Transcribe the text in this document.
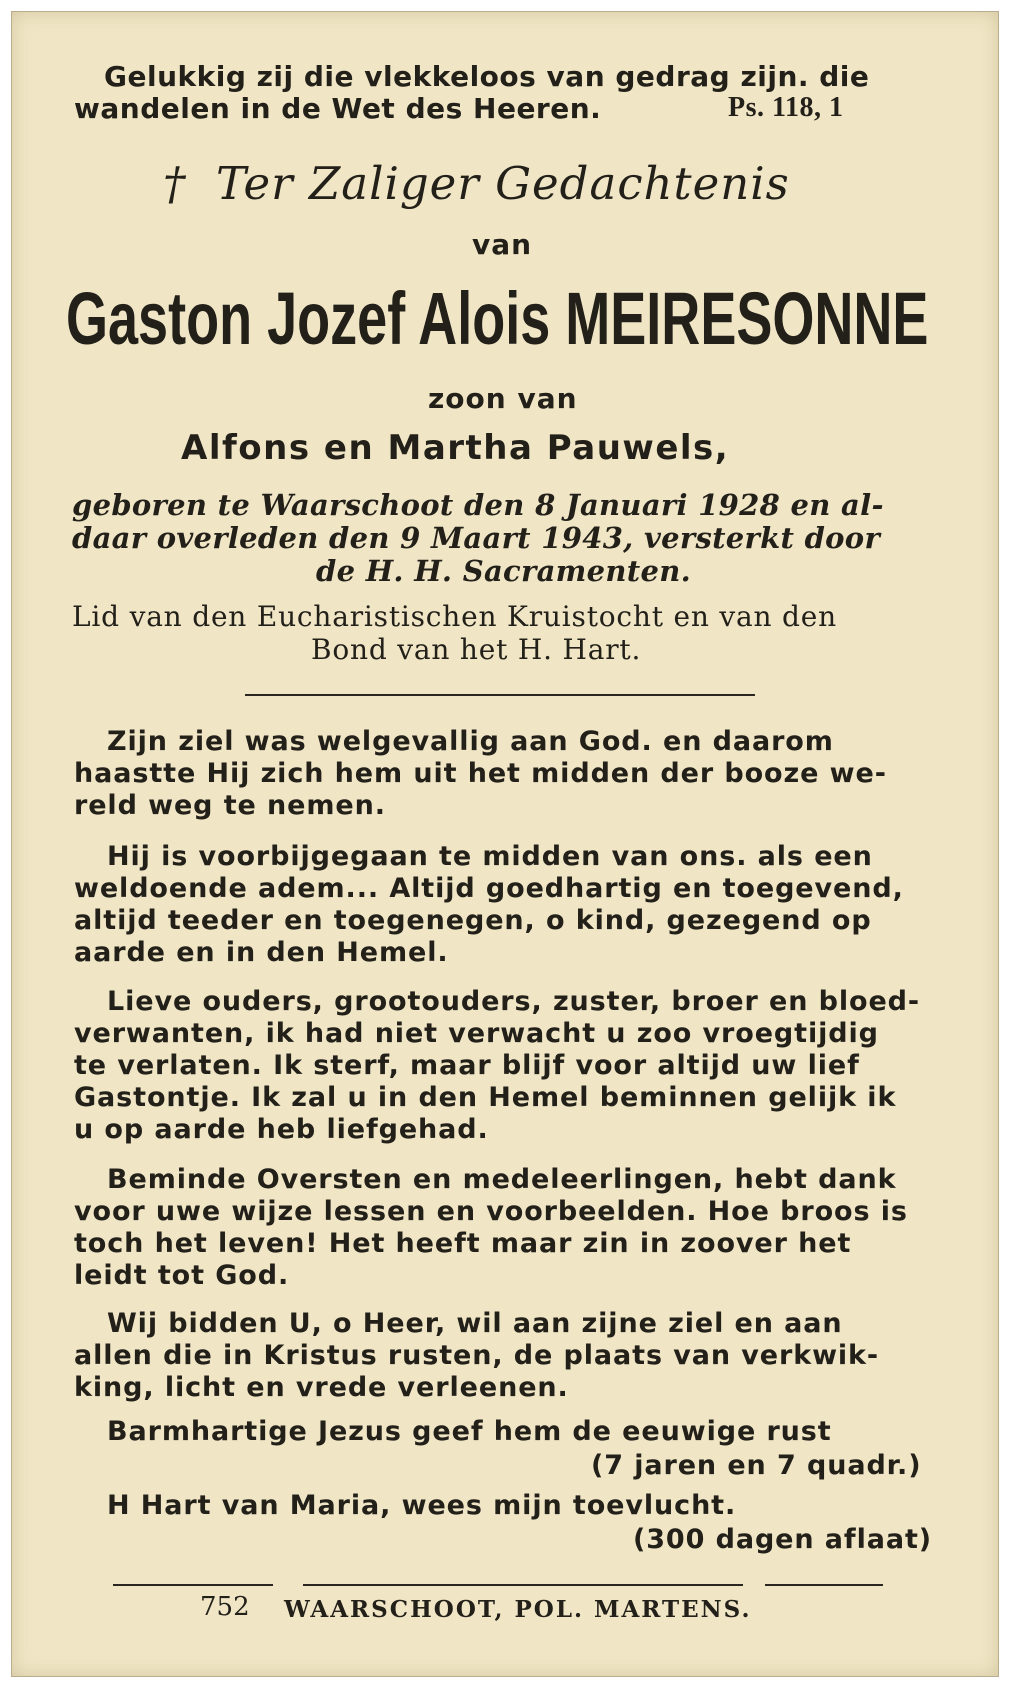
Gelukkig zij die vlekkeloos van gedrag zijn. die

wandelen in de Wet des Heeren.	Ps. 118, 1

† Ter Zaliger Gedachtenis

van

Gaston Jozef Alois MEIRESONNE

zoon van

Alfons en Martha Pauwels,

geboren te Waarschoot den 8 Januari 1928 en al-

daar overleden den 9 Maart 1943, versterkt door

de H. H. Sacramenten.

Lid van den Eucharistischen Kruistocht en van den

Bond van het H. Hart.

Zijn ziel was welgevallig aan God. en daarom

haastte Hij zich hem uit het midden der booze we-

reld weg te nemen.

Hij is voorbijgegaan te midden van ons. als een

weldoende adem... Altijd goedhartig en toegevend,

altijd teeder en toegenegen, o kind, gezegend op

aarde en in den Hemel.

Lieve ouders, grootouders, zuster, broer en bloed-

verwanten, ik had niet verwacht u zoo vroegtijdig

te verlaten. Ik sterf, maar blijf voor altijd uw lief

Gastontje. Ik zal u in den Hemel beminnen gelijk ik

u op aarde heb liefgehad.

Beminde Oversten en medeleerlingen, hebt dank

voor uwe wijze lessen en voorbeelden. Hoe broos is

toch het leven! Het heeft maar zin in zoover het

leidt tot God.

Wij bidden U, o Heer, wil aan zijne ziel en aan

allen die in Kristus rusten, de plaats van verkwik-

king, licht en vrede verleenen.

Barmhartige Jezus geef hem de eeuwige rust

(7 jaren en 7 quadr.)

H Hart van Maria, wees mijn toevlucht.

(300 dagen aflaat)

752 WAARSCHOOT, POL. MARTENS.
